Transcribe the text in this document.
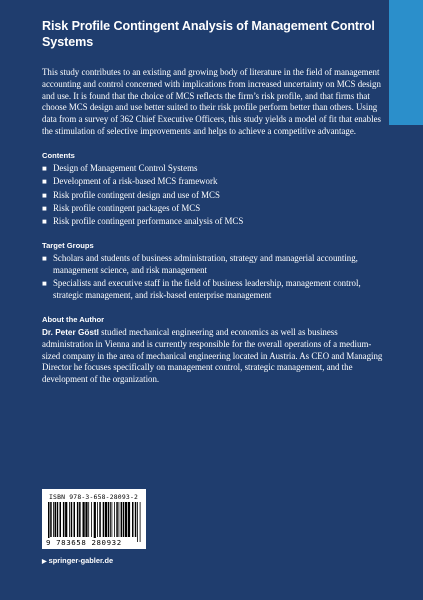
Risk Profile Contingent Analysis of Management Control Systems

This study contributes to an existing and growing body of literature in the field of management accounting and control concerned with implications from increased uncertainty on MCS design and use. It is found that the choice of MCS reflects the firm’s risk profile, and that firms that choose MCS design and use better suited to their risk profile perform better than others. Using data from a survey of 362 Chief Executive Officers, this study yields a model of fit that enables the stimulation of selective improvements and helps to achieve a competitive advantage.

Contents
■ Design of Management Control Systems
■ Development of a risk-based MCS framework
■ Risk profile contingent design and use of MCS
■ Risk profile contingent packages of MCS
■ Risk profile contingent performance analysis of MCS
Target Groups
■ Scholars and students of business administration, strategy and managerial accounting, management science, and risk management
■ Specialists and executive staff in the field of business leadership, management control, strategic management, and risk-based enterprise management
About the Author

Dr. Peter Göstl studied mechanical engineering and economics as well as business administration in Vienna and is currently responsible for the overall operations of a medium-sized company in the area of mechanical engineering located in Austria. As CEO and Managing Director he focuses specifically on management control, strategic management, and the development of the organization.

ISBN 978-3-658-28093-2
9 783658 280932
▶ springer-gabler.de
